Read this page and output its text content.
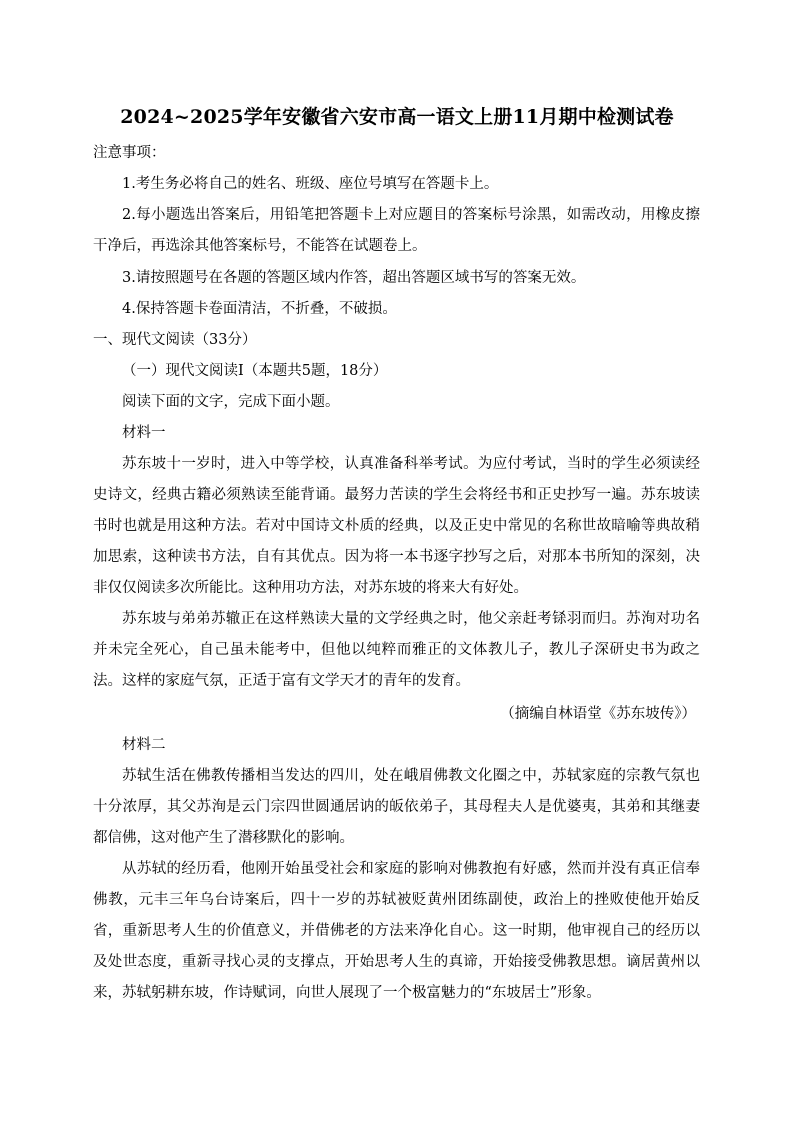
2024~2025学年安徽省六安市高一语文上册11月期中检测试卷
注意事项：
1.考生务必将自己的姓名、班级、座位号填写在答题卡上。
2.每小题选出答案后，用铅笔把答题卡上对应题目的答案标号涂黑，如需改动，用橡皮擦干净后，再选涂其他答案标号，不能答在试题卷上。
3.请按照题号在各题的答题区域内作答，超出答题区域书写的答案无效。
4.保持答题卡卷面清洁，不折叠，不破损。
一、现代文阅读（33分）
（一）现代文阅读Ⅰ（本题共5题，18分）
阅读下面的文字，完成下面小题。
材料一
苏东坡十一岁时，进入中等学校，认真准备科举考试。为应付考试，当时的学生必须读经史诗文，经典古籍必须熟读至能背诵。最努力苦读的学生会将经书和正史抄写一遍。苏东坡读书时也就是用这种方法。若对中国诗文朴质的经典，以及正史中常见的名称世故暗喻等典故稍加思索，这种读书方法，自有其优点。因为将一本书逐字抄写之后，对那本书所知的深刻，决非仅仅阅读多次所能比。这种用功方法，对苏东坡的将来大有好处。
苏东坡与弟弟苏辙正在这样熟读大量的文学经典之时，他父亲赶考铩羽而归。苏洵对功名并未完全死心，自己虽未能考中，但他以纯粹而雅正的文体教儿子，教儿子深研史书为政之法。这样的家庭气氛，正适于富有文学天才的青年的发育。
（摘编自林语堂《苏东坡传》）
材料二
苏轼生活在佛教传播相当发达的四川，处在峨眉佛教文化圈之中，苏轼家庭的宗教气氛也十分浓厚，其父苏洵是云门宗四世圆通居讷的皈依弟子，其母程夫人是优婆夷，其弟和其继妻都信佛，这对他产生了潜移默化的影响。
从苏轼的经历看，他刚开始虽受社会和家庭的影响对佛教抱有好感，然而并没有真正信奉佛教，元丰三年乌台诗案后，四十一岁的苏轼被贬黄州团练副使，政治上的挫败使他开始反省，重新思考人生的价值意义，并借佛老的方法来净化自心。这一时期，他审视自己的经历以及处世态度，重新寻找心灵的支撑点，开始思考人生的真谛，开始接受佛教思想。谪居黄州以来，苏轼躬耕东坡，作诗赋词，向世人展现了一个极富魅力的“东坡居士”形象。
